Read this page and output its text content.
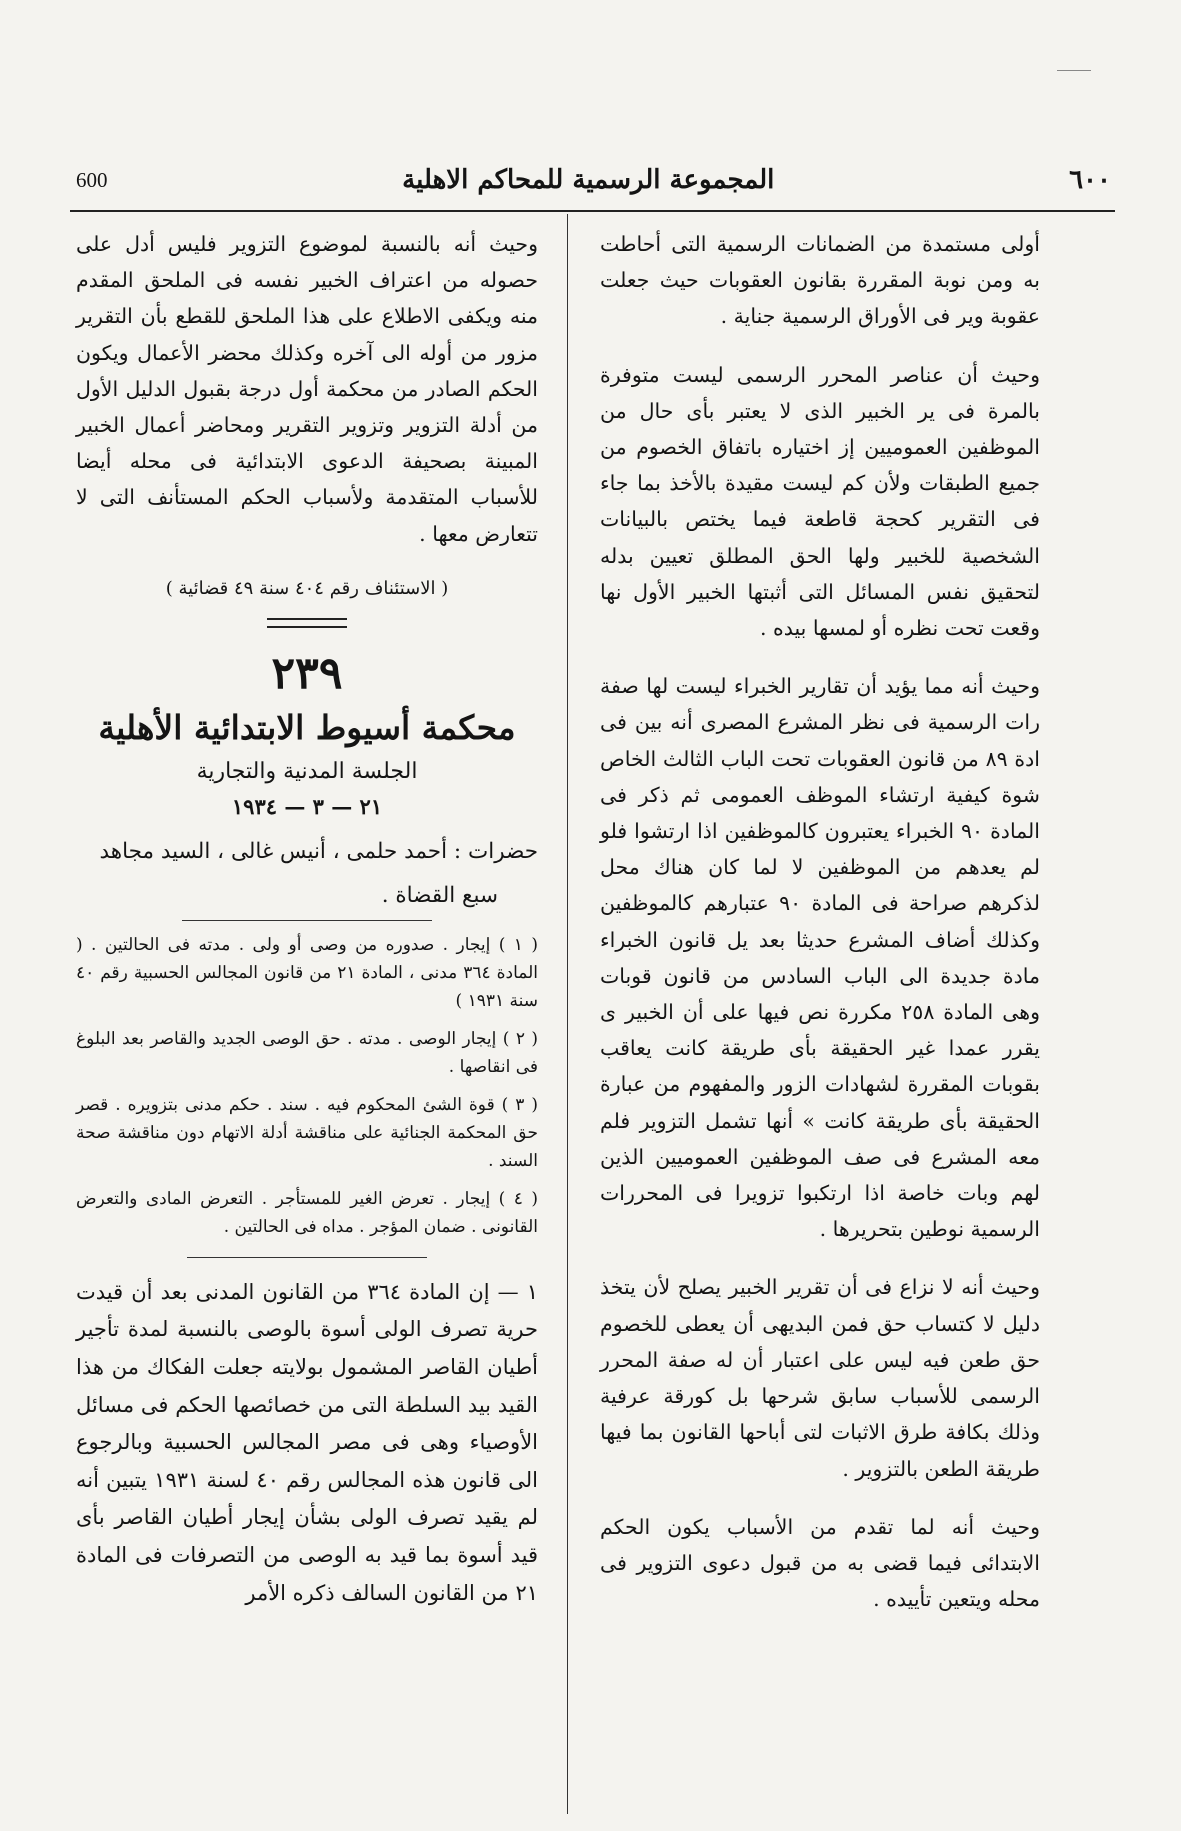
600	المجموعة الرسمية للمحاكم الاهلية	٦٠٠

أولى مستمدة من الضمانات الرسمية التى أحاطت به ومن نوبة المقررة بقانون العقوبات حيث جعلت عقوبة وير فى الأوراق الرسمية جناية .

وحيث أن عناصر المحرر الرسمى ليست متوفرة بالمرة فى ير الخبير الذى لا يعتبر بأى حال من الموظفين العموميين إز اختياره باتفاق الخصوم من جميع الطبقات ولأن كم ليست مقيدة بالأخذ بما جاء فى التقرير كحجة قاطعة فيما يختص بالبيانات الشخصية للخبير ولها الحق المطلق تعيين بدله لتحقيق نفس المسائل التى أثبتها الخبير الأول نها وقعت تحت نظره أو لمسها بيده .

وحيث أنه مما يؤيد أن تقارير الخبراء ليست لها صفة رات الرسمية فى نظر المشرع المصرى أنه بين فى ادة ٨٩ من قانون العقوبات تحت الباب الثالث الخاص شوة كيفية ارتشاء الموظف العمومى ثم ذكر فى المادة ٩٠ الخبراء يعتبرون كالموظفين اذا ارتشوا فلو لم يعدهم من الموظفين لا لما كان هناك محل لذكرهم صراحة فى المادة ٩٠ عتبارهم كالموظفين وكذلك أضاف المشرع حديثا بعد يل قانون الخبراء مادة جديدة الى الباب السادس من قانون قوبات وهى المادة ٢٥٨ مكررة نص فيها على أن الخبير ى يقرر عمدا غير الحقيقة بأى طريقة كانت يعاقب بقوبات المقررة لشهادات الزور والمفهوم من عبارة الحقيقة بأى طريقة كانت » أنها تشمل التزوير فلم معه المشرع فى صف الموظفين العموميين الذين لهم وبات خاصة اذا ارتكبوا تزويرا فى المحررات الرسمية نوطين بتحريرها .

وحيث أنه لا نزاع فى أن تقرير الخبير يصلح لأن يتخذ دليل لا كتساب حق فمن البديهى أن يعطى للخصوم حق طعن فيه ليس على اعتبار أن له صفة المحرر الرسمى للأسباب سابق شرحها بل كورقة عرفية وذلك بكافة طرق الاثبات لتى أباحها القانون بما فيها طريقة الطعن بالتزوير .

وحيث أنه لما تقدم من الأسباب يكون الحكم الابتدائى فيما قضى به من قبول دعوى التزوير فى محله ويتعين تأييده .

وحيث أنه بالنسبة لموضوع التزوير فليس أدل على حصوله من اعتراف الخبير نفسه فى الملحق المقدم منه ويكفى الاطلاع على هذا الملحق للقطع بأن التقرير مزور من أوله الى آخره وكذلك محضر الأعمال ويكون الحكم الصادر من محكمة أول درجة بقبول الدليل الأول من أدلة التزوير وتزوير التقرير ومحاضر أعمال الخبير المبينة بصحيفة الدعوى الابتدائية فى محله أيضا للأسباب المتقدمة ولأسباب الحكم المستأنف التى لا تتعارض معها .

( الاستئناف رقم ٤٠٤ سنة ٤٩ قضائية )
٢٣٩
محكمة أسيوط الابتدائية الأهلية
الجلسة المدنية والتجارية
٢١ — ٣ — ١٩٣٤
حضرات : أحمد حلمى ، أنيس غالى ، السيد مجاهد
سبع القضاة .
( ١ ) إيجار . صدوره من وصى أو ولى . مدته فى الحالتين . ( المادة ٣٦٤ مدنى ، المادة ٢١ من قانون المجالس الحسبية رقم ٤٠ سنة ١٩٣١ )
( ٢ ) إيجار الوصى . مدته . حق الوصى الجديد والقاصر بعد البلوغ فى انقاصها .
( ٣ ) قوة الشئ المحكوم فيه . سند . حكم مدنى بتزويره . قصر حق المحكمة الجنائية على مناقشة أدلة الاتهام دون مناقشة صحة السند .
( ٤ ) إيجار . تعرض الغير للمستأجر . التعرض المادى والتعرض القانونى . ضمان المؤجر . مداه فى الحالتين .

١ — إن المادة ٣٦٤ من القانون المدنى بعد أن قيدت حرية تصرف الولى أسوة بالوصى بالنسبة لمدة تأجير أطيان القاصر المشمول بولايته جعلت الفكاك من هذا القيد بيد السلطة التى من خصائصها الحكم فى مسائل الأوصياء وهى فى مصر المجالس الحسبية وبالرجوع الى قانون هذه المجالس رقم ٤٠ لسنة ١٩٣١ يتبين أنه لم يقيد تصرف الولى بشأن إيجار أطيان القاصر بأى قيد أسوة بما قيد به الوصى من التصرفات فى المادة ٢١ من القانون السالف ذكره الأمر
